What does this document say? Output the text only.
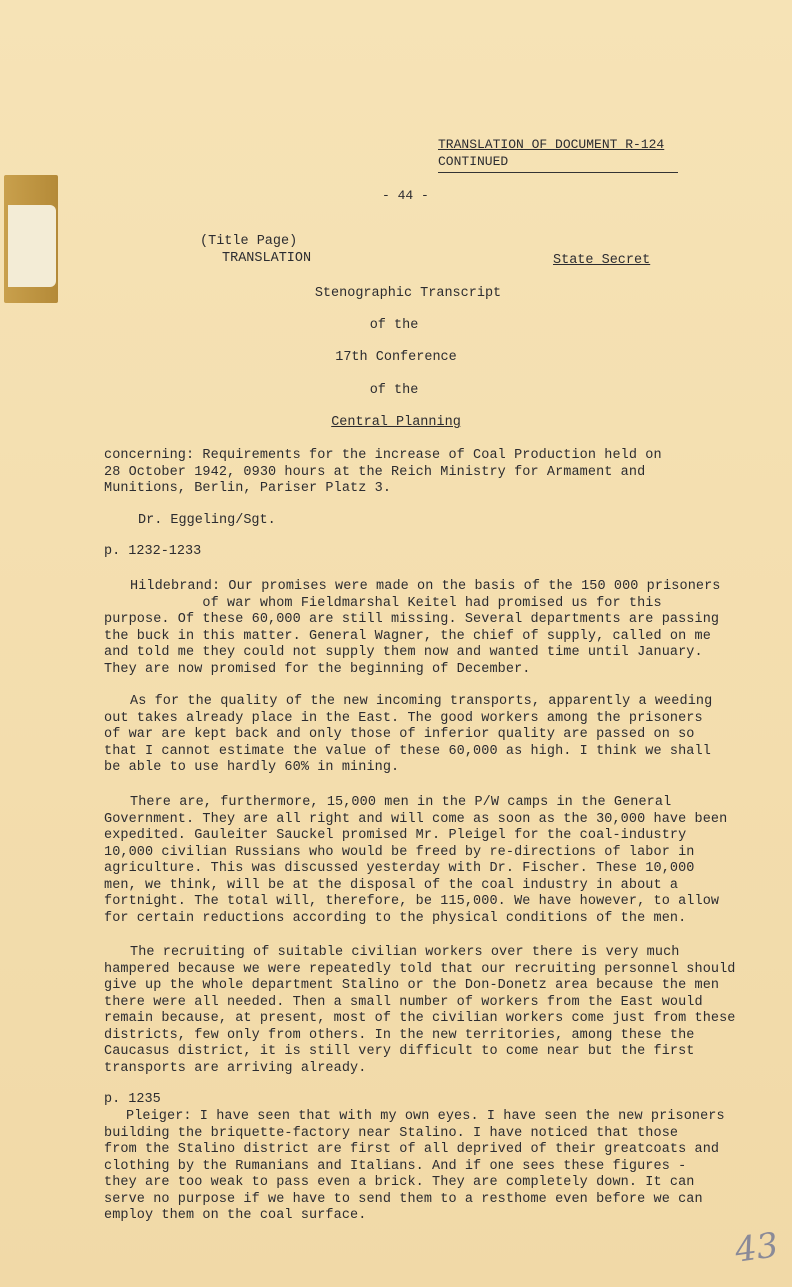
TRANSLATION OF DOCUMENT R-124
CONTINUED
- 44 -
(Title Page)
TRANSLATION	State Secret
Stenographic Transcript
of the
17th Conference
of the
Central Planning
concerning: Requirements for the increase of Coal Production held on
28 October 1942, 0930 hours at the Reich Ministry for Armament and
Munitions, Berlin, Pariser Platz 3.
Dr. Eggeling/Sgt.
p. 1232-1233
Hildebrand: Our promises were made on the basis of the 150 000 prisoners
of war whom Fieldmarshal Keitel had promised us for this
purpose. Of these 60,000 are still missing. Several departments are passing
the buck in this matter. General Wagner, the chief of supply, called on me
and told me they could not supply them now and wanted time until January.
They are now promised for the beginning of December.
As for the quality of the new incoming transports, apparently a weeding
out takes already place in the East. The good workers among the prisoners
of war are kept back and only those of inferior quality are passed on so
that I cannot estimate the value of these 60,000 as high. I think we shall
be able to use hardly 60% in mining.
There are, furthermore, 15,000 men in the P/W camps in the General
Government. They are all right and will come as soon as the 30,000 have been
expedited. Gauleiter Sauckel promised Mr. Pleigel for the coal-industry
10,000 civilian Russians who would be freed by re-directions of labor in
agriculture. This was discussed yesterday with Dr. Fischer. These 10,000
men, we think, will be at the disposal of the coal industry in about a
fortnight. The total will, therefore, be 115,000. We have however, to allow
for certain reductions according to the physical conditions of the men.
The recruiting of suitable civilian workers over there is very much
hampered because we were repeatedly told that our recruiting personnel should
give up the whole department Stalino or the Don-Donetz area because the men
there were all needed. Then a small number of workers from the East would
remain because, at present, most of the civilian workers come just from these
districts, few only from others. In the new territories, among these the
Caucasus district, it is still very difficult to come near but the first
transports are arriving already.
p. 1235
Pleiger: I have seen that with my own eyes. I have seen the new prisoners
building the briquette-factory near Stalino. I have noticed that those
from the Stalino district are first of all deprived of their greatcoats and
clothing by the Rumanians and Italians. And if one sees these figures -
they are too weak to pass even a brick. They are completely down. It can
serve no purpose if we have to send them to a resthome even before we can
employ them on the coal surface.
43
